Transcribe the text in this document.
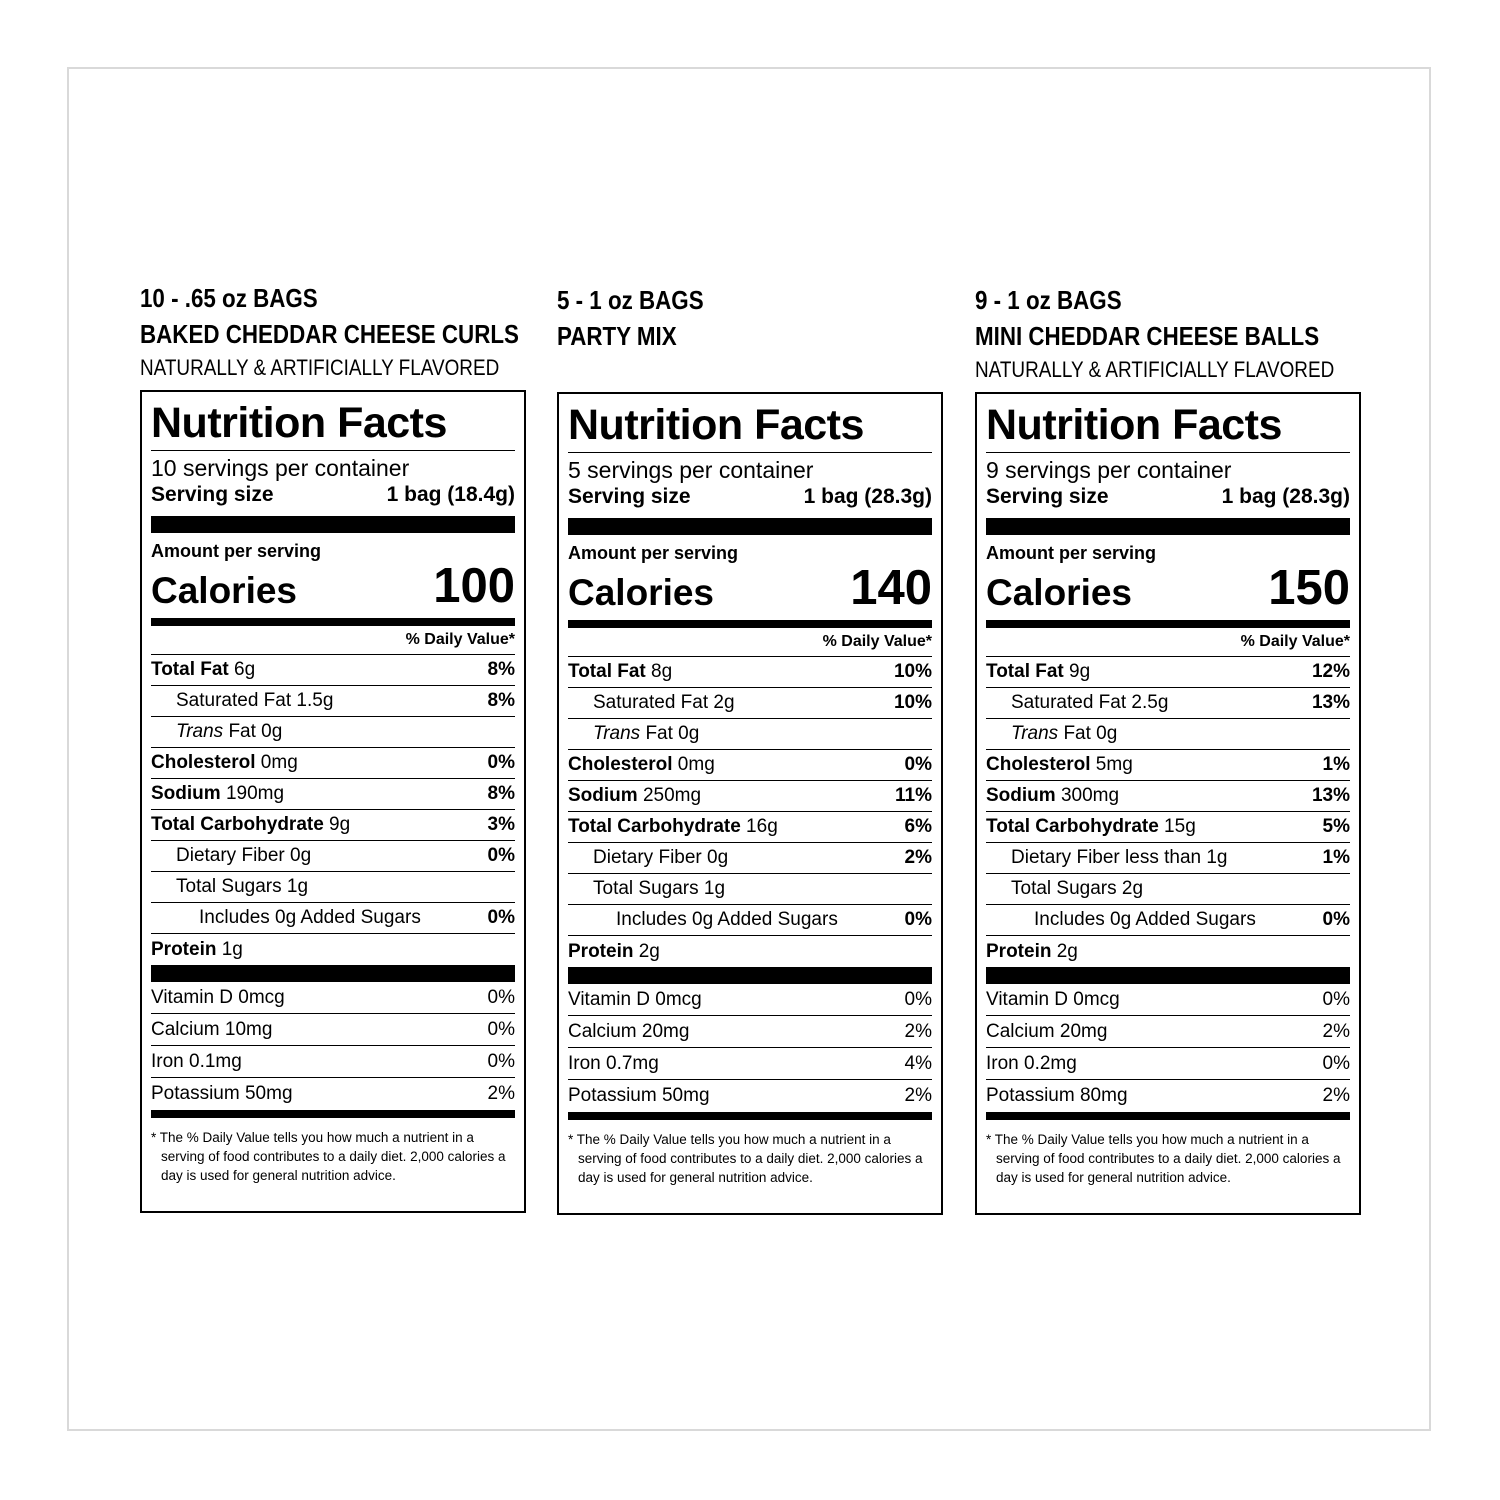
10 - .65 oz BAGS
BAKED CHEDDAR CHEESE CURLS
NATURALLY & ARTIFICIALLY FLAVORED
Nutrition Facts
10 servings per container
Serving size	1 bag (18.4g)
Amount per serving
Calories	100
% Daily Value*
Total Fat 6g	8%
Saturated Fat 1.5g	8%
Trans Fat 0g
Cholesterol 0mg	0%
Sodium 190mg	8%
Total Carbohydrate 9g	3%
Dietary Fiber 0g	0%
Total Sugars 1g
Includes 0g Added Sugars	0%
Protein 1g
Vitamin D 0mcg	0%
Calcium 10mg	0%
Iron 0.1mg	0%
Potassium 50mg	2%
* The % Daily Value tells you how much a nutrient in a serving of food contributes to a daily diet. 2,000 calories a day is used for general nutrition advice.
5 - 1 oz BAGS
PARTY MIX
Nutrition Facts
5 servings per container
Serving size	1 bag (28.3g)
Amount per serving
Calories	140
% Daily Value*
Total Fat 8g	10%
Saturated Fat 2g	10%
Trans Fat 0g
Cholesterol 0mg	0%
Sodium 250mg	11%
Total Carbohydrate 16g	6%
Dietary Fiber 0g	2%
Total Sugars 1g
Includes 0g Added Sugars	0%
Protein 2g
Vitamin D 0mcg	0%
Calcium 20mg	2%
Iron 0.7mg	4%
Potassium 50mg	2%
* The % Daily Value tells you how much a nutrient in a serving of food contributes to a daily diet. 2,000 calories a day is used for general nutrition advice.
9 - 1 oz BAGS
MINI CHEDDAR CHEESE BALLS
NATURALLY & ARTIFICIALLY FLAVORED
Nutrition Facts
9 servings per container
Serving size	1 bag (28.3g)
Amount per serving
Calories	150
% Daily Value*
Total Fat 9g	12%
Saturated Fat 2.5g	13%
Trans Fat 0g
Cholesterol 5mg	1%
Sodium 300mg	13%
Total Carbohydrate 15g	5%
Dietary Fiber less than 1g	1%
Total Sugars 2g
Includes 0g Added Sugars	0%
Protein 2g
Vitamin D 0mcg	0%
Calcium 20mg	2%
Iron 0.2mg	0%
Potassium 80mg	2%
* The % Daily Value tells you how much a nutrient in a serving of food contributes to a daily diet. 2,000 calories a day is used for general nutrition advice.
